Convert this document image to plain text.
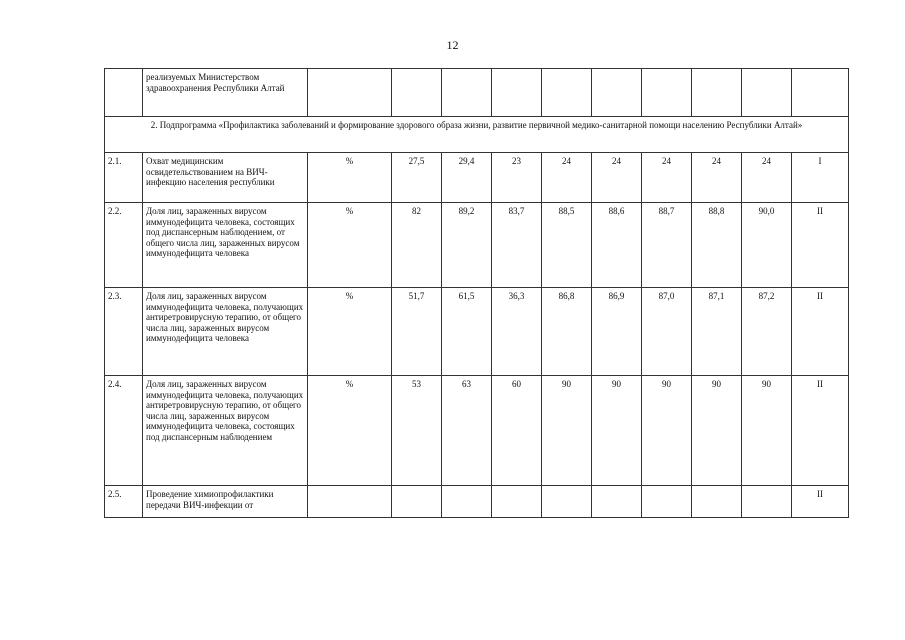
12
	реализуемых Министерством здравоохранения Республики Алтай										
2. Подпрограмма «Профилактика заболеваний и формирование здорового образа жизни, развитие первичной медико-санитарной помощи населению Республики Алтай»											
2.1.	Охват медицинским освидетельствованием на ВИЧ-инфекцию населения республики	%	27,5	29,4	23	24	24	24	24	24	I
2.2.	Доля лиц, зараженных вирусом иммунодефицита человека, состоящих под диспансерным наблюдением, от общего числа лиц, зараженных вирусом иммунодефицита человека	%	82	89,2	83,7	88,5	88,6	88,7	88,8	90,0	II
2.3.	Доля лиц, зараженных вирусом иммунодефицита человека, получающих антиретровирусную терапию, от общего числа лиц, зараженных вирусом иммунодефицита человека	%	51,7	61,5	36,3	86,8	86,9	87,0	87,1	87,2	II
2.4.	Доля лиц, зараженных вирусом иммунодефицита человека, получающих антиретровирусную терапию, от общего числа лиц, зараженных вирусом иммунодефицита человека, состоящих под диспансерным наблюдением	%	53	63	60	90	90	90	90	90	II
2.5.	Проведение химиопрофилактики передачи ВИЧ-инфекции от										II
